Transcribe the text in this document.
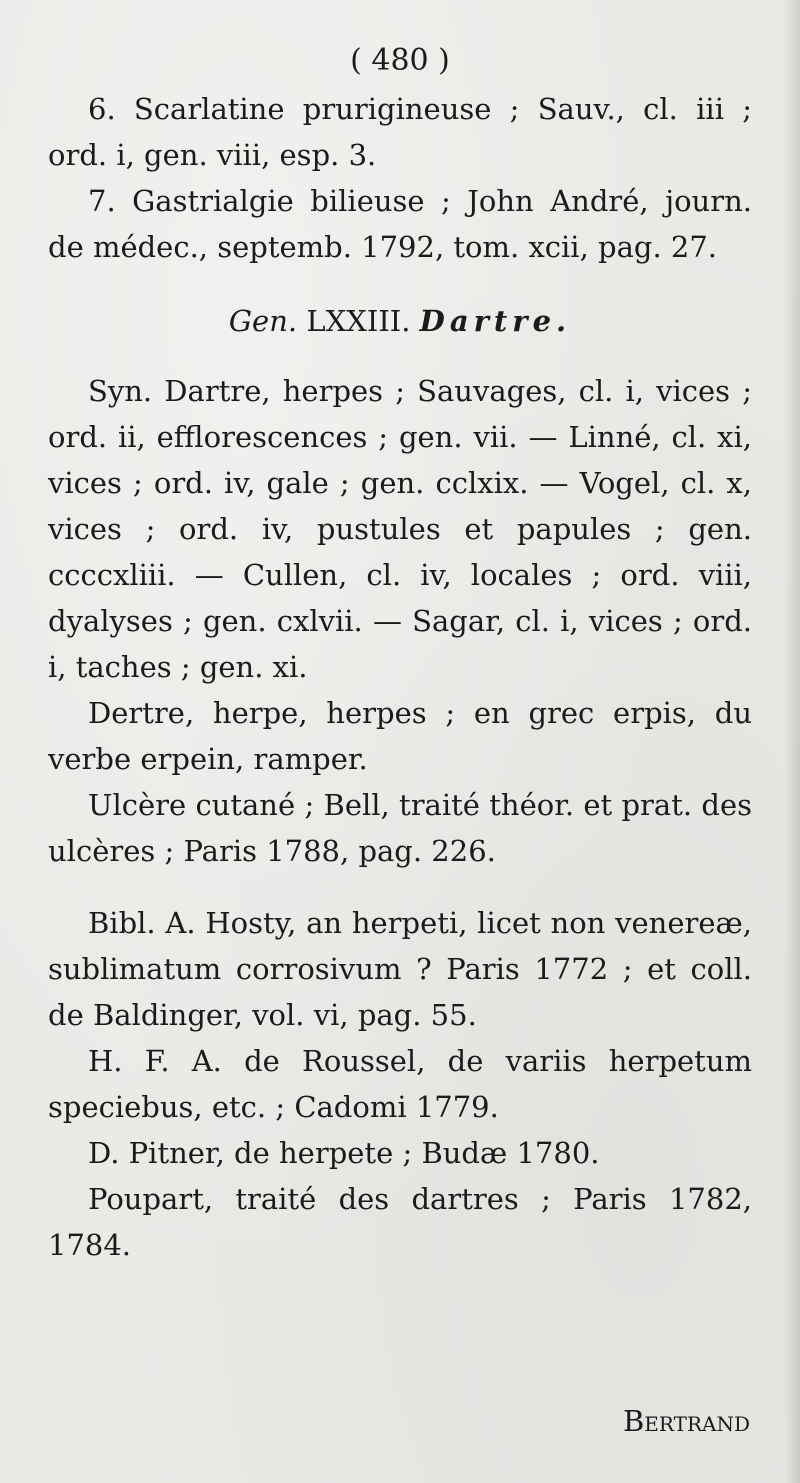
( 480 )

6. Scarlatine prurigineuse ; Sauv., cl. iii ; ord. i, gen. viii, esp. 3.

7. Gastrialgie bilieuse ; John André, journ. de médec., septemb. 1792, tom. xcii, pag. 27.

Gen. LXXIII. Dartre.

Syn. Dartre, herpes ; Sauvages, cl. i, vices ; ord. ii, efflorescences ; gen. vii. — Linné, cl. xi, vices ; ord. iv, gale ; gen. cclxix. — Vogel, cl. x, vices ; ord. iv, pustules et papules ; gen. ccccxliii. — Cullen, cl. iv, locales ; ord. viii, dyalyses ; gen. cxlvii. — Sagar, cl. i, vices ; ord. i, taches ; gen. xi.

Dertre, herpe, herpes ; en grec erpis, du verbe erpein, ramper.

Ulcère cutané ; Bell, traité théor. et prat. des ulcères ; Paris 1788, pag. 226.

Bibl. A. Hosty, an herpeti, licet non venereæ, sublimatum corrosivum ? Paris 1772 ; et coll. de Baldinger, vol. vi, pag. 55.

H. F. A. de Roussel, de variis herpetum speciebus, etc. ; Cadomi 1779.

D. Pitner, de herpete ; Budæ 1780.

Poupart, traité des dartres ; Paris 1782, 1784.

Bertrand
